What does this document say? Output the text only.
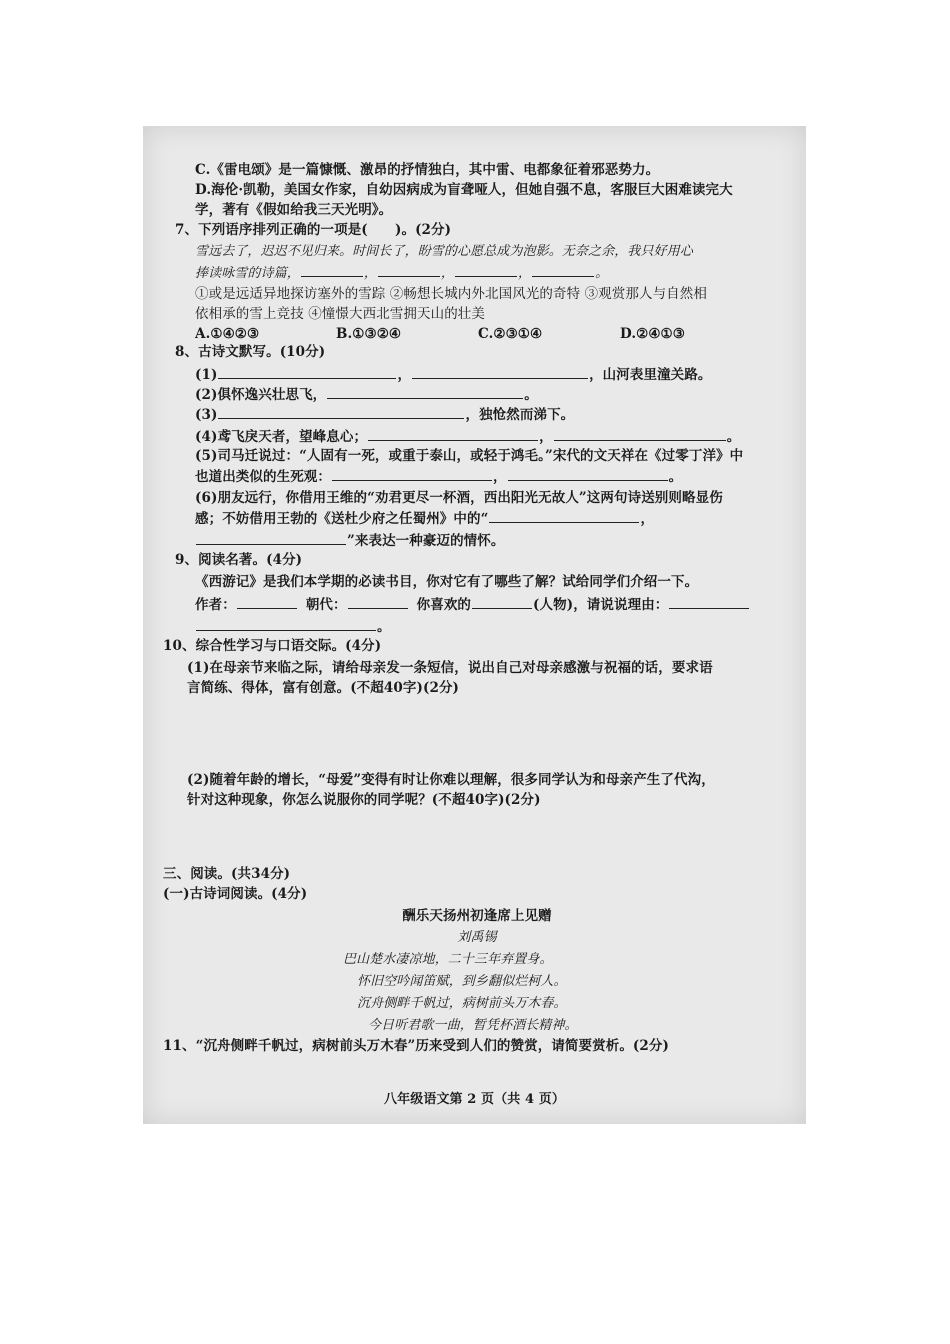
C.《雷电颂》是一篇慷慨、激昂的抒情独白，其中雷、电都象征着邪恶势力。
D.海伦·凯勒，美国女作家，自幼因病成为盲聋哑人，但她自强不息，客服巨大困难读完大
学，著有《假如给我三天光明》。
7、下列语序排列正确的一项是(　　)。(2分)
雪远去了，迟迟不见归来。时间长了，盼雪的心愿总成为泡影。无奈之余，我只好用心
捧读咏雪的诗篇，	，	，	，	。
①或是远适异地探访塞外的雪踪 ②畅想长城内外北国风光的奇特 ③观赏那人与自然相
依相承的雪上竞技 ④憧憬大西北雪拥天山的壮美
A.①④②③	B.①③②④	C.②③①④	D.②④①③
8、古诗文默写。(10分)
(1)	，	，山河表里潼关路。
(2)俱怀逸兴壮思飞，	。
(3)	，独怆然而涕下。
(4)鸢飞戾天者，望峰息心；	，	。
(5)司马迁说过：“人固有一死，或重于泰山，或轻于鸿毛。”宋代的文天祥在《过零丁洋》中
也道出类似的生死观：	，	。
(6)朋友远行，你借用王维的“劝君更尽一杯酒，西出阳光无故人”这两句诗送别则略显伤
感；不妨借用王勃的《送杜少府之任蜀州》中的“	，
”来表达一种豪迈的情怀。
9、阅读名著。(4分)
《西游记》是我们本学期的必读书目，你对它有了哪些了解？试给同学们介绍一下。
作者：	朝代：	你喜欢的	(人物)，请说说理由：
。
10、综合性学习与口语交际。(4分)
(1)在母亲节来临之际，请给母亲发一条短信，说出自己对母亲感激与祝福的话，要求语
言简练、得体，富有创意。(不超40字)(2分)
(2)随着年龄的增长，“母爱”变得有时让你难以理解，很多同学认为和母亲产生了代沟，
针对这种现象，你怎么说服你的同学呢？(不超40字)(2分)
三、阅读。(共34分)
(一)古诗词阅读。(4分)
酬乐天扬州初逢席上见赠
刘禹锡
巴山楚水凄凉地，二十三年弃置身。
怀旧空吟闻笛赋，到乡翻似烂柯人。
沉舟侧畔千帆过，病树前头万木春。
今日听君歌一曲，暂凭杯酒长精神。
11、“沉舟侧畔千帆过，病树前头万木春”历来受到人们的赞赏，请简要赏析。(2分)
八年级语文第 2 页（共 4 页）
